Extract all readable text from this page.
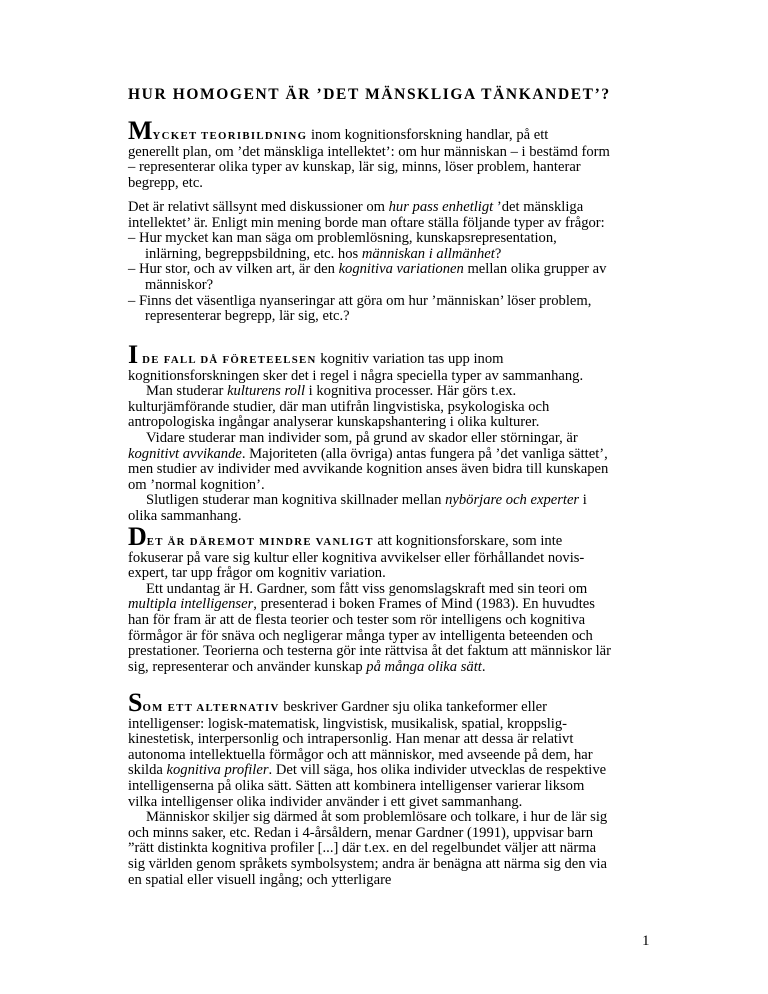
HUR HOMOGENT ÄR ’DET MÄNSKLIGA TÄNKANDET’?

MYCKET TEORIBILDNING inom kognitionsforskning handlar, på ett

generellt plan, om ’det mänskliga intellektet’: om hur människan – i bestämd form – representerar olika typer av kunskap, lär sig, minns, löser problem, hanterar begrepp, etc.

Det är relativt sällsynt med diskussioner om hur pass enhetligt ’det mänskliga intellektet’ är. Enligt min mening borde man oftare ställa följande typer av frågor:

– Hur mycket kan man säga om problemlösning, kunskapsrepresentation, inlärning, begreppsbildning, etc. hos människan i allmänhet?

– Hur stor, och av vilken art, är den kognitiva variationen mellan olika grupper av människor?

– Finns det väsentliga nyanseringar att göra om hur ’människan’ löser problem, representerar begrepp, lär sig, etc.?

I DE FALL DÅ FÖRETEELSEN kognitiv variation tas upp inom

kognitionsforskningen sker det i regel i några speciella typer av sammanhang.

Man studerar kulturens roll i kognitiva processer. Här görs t.ex. kulturjämförande studier, där man utifrån lingvistiska, psykologiska och antropologiska ingångar analyserar kunskapshantering i olika kulturer.

Vidare studerar man individer som, på grund av skador eller störningar, är kognitivt avvikande. Majoriteten (alla övriga) antas fungera på ’det vanliga sättet’, men studier av individer med avvikande kognition anses även bidra till kunskapen om ’normal kognition’.

Slutligen studerar man kognitiva skillnader mellan nybörjare och experter i olika sammanhang.

DET ÄR DÄREMOT MINDRE VANLIGT att kognitionsforskare, som inte

fokuserar på vare sig kultur eller kognitiva avvikelser eller förhållandet novis-expert, tar upp frågor om kognitiv variation.

Ett undantag är H. Gardner, som fått viss genomslagskraft med sin teori om multipla intelligenser, presenterad i boken Frames of Mind (1983). En huvudtes han för fram är att de flesta teorier och tester som rör intelligens och kognitiva förmågor är för snäva och negligerar många typer av intelligenta beteenden och prestationer. Teorierna och testerna gör inte rättvisa åt det faktum att människor lär sig, representerar och använder kunskap på många olika sätt.

SOM ETT ALTERNATIV beskriver Gardner sju olika tankeformer eller

intelligenser: logisk-matematisk, lingvistisk, musikalisk, spatial, kroppslig-kinestetisk, interpersonlig och intrapersonlig. Han menar att dessa är relativt autonoma intellektuella förmågor och att människor, med avseende på dem, har skilda kognitiva profiler. Det vill säga, hos olika individer utvecklas de respektive intelligenserna på olika sätt. Sätten att kombinera intelligenser varierar liksom vilka intelligenser olika individer använder i ett givet sammanhang.

Människor skiljer sig därmed åt som problemlösare och tolkare, i hur de lär sig och minns saker, etc. Redan i 4-årsåldern, menar Gardner (1991), uppvisar barn ”rätt distinkta kognitiva profiler [...] där t.ex. en del regelbundet väljer att närma sig världen genom språkets symbolsystem; andra är benägna att närma sig den via en spatial eller visuell ingång; och ytterligare

1
